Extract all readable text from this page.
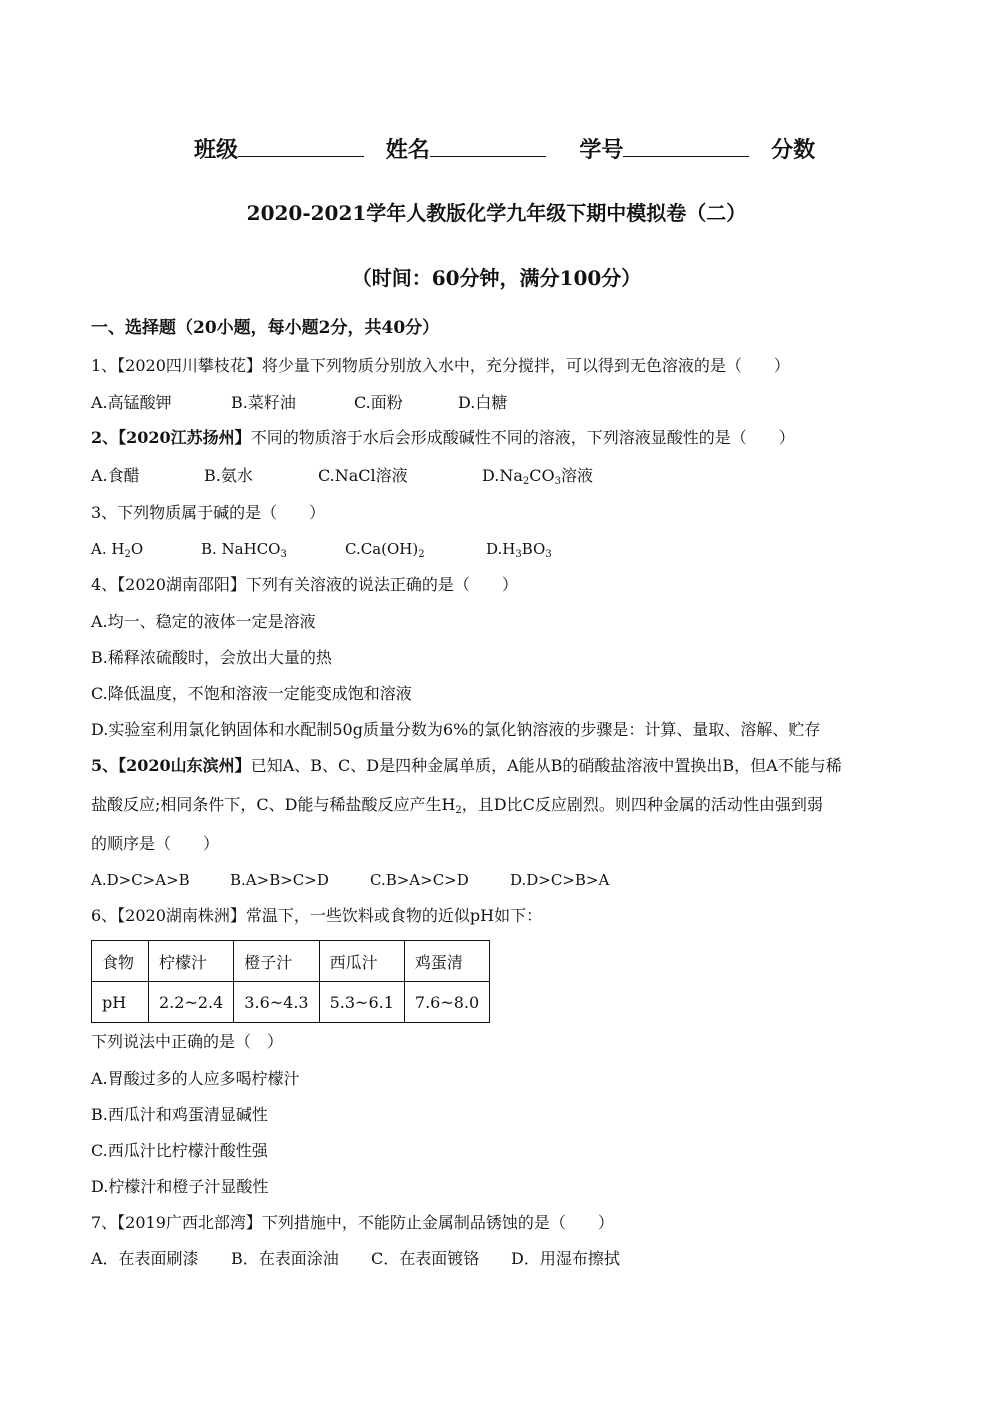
班级	姓名	学号	分数
2020-2021学年人教版化学九年级下期中模拟卷（二）
（时间：60分钟，满分100分）
一、选择题（20小题，每小题2分，共40分）
1、【2020四川攀枝花】将少量下列物质分别放入水中，充分搅拌，可以得到无色溶液的是（　　）
A.高锰酸钾	B.菜籽油	C.面粉	D.白糖
2、【2020江苏扬州】不同的物质溶于水后会形成酸碱性不同的溶液，下列溶液显酸性的是（　　）
A.食醋	B.氨水	C.NaCl溶液	$D.Na_2CO_3$溶液
3、下列物质属于碱的是（　　）
A. $H_2O$	B. NaHCO$_3$	$C.Ca(OH)_2$	$D.H_3BO_3$
4、【2020湖南邵阳】下列有关溶液的说法正确的是（　　）
A.均一、稳定的液体一定是溶液
B.稀释浓硫酸时，会放出大量的热
C.降低温度，不饱和溶液一定能变成饱和溶液
D.实验室利用氯化钠固体和水配制50g质量分数为6%的氯化钠溶液的步骤是：计算、量取、溶解、贮存
5、【2020山东滨州】已知A、B、C、D是四种金属单质，A能从B的硝酸盐溶液中置换出B，但A不能与稀
盐酸反应;相同条件下，C、D能与稀盐酸反应产生$H_2$，且D比C反应剧烈。则四种金属的活动性由强到弱
的顺序是（　　）
A.D>C>A>B	B.A>B>C>D	C.B>A>C>D	D.D>C>B>A
6、【2020湖南株洲】常温下，一些饮料或食物的近似pH如下：
食物	柠檬汁	橙子汁	西瓜汁	鸡蛋清
pH	2.2~2.4	3.6~4.3	5.3~6.1	7.6~8.0
下列说法中正确的是（　）
A.胃酸过多的人应多喝柠檬汁
B.西瓜汁和鸡蛋清显碱性
C.西瓜汁比柠檬汁酸性强
D.柠檬汁和橙子汁显酸性
7、【2019广西北部湾】下列措施中，不能防止金属制品锈蚀的是（　　）
A．在表面刷漆 B．在表面涂油 C．在表面镀铬 D．用湿布擦拭
